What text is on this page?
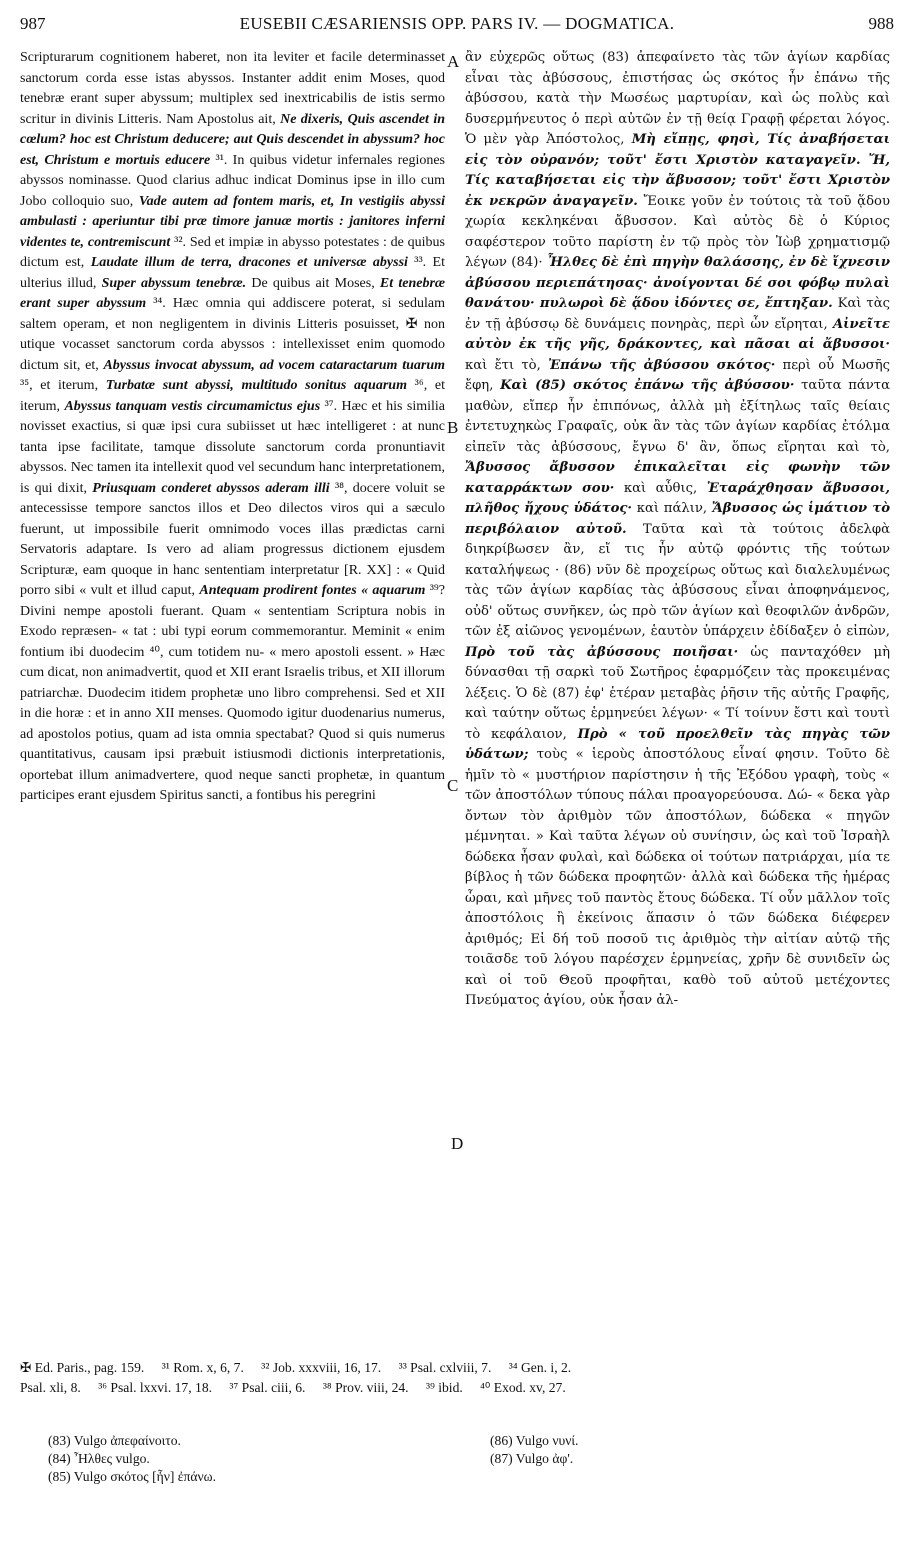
987	EUSEBII CÆSARIENSIS OPP. PARS IV. — DOGMATICA.	988

Scripturarum cognitionem haberet, non ita leviter et facile determinasset sanctorum corda esse istas abyssos. Instanter addit enim Moses, quod tenebræ erant super abyssum; multiplex sed inextricabilis de istis sermo scritur in divinis Litteris. Nam Apostolus ait, Ne dixeris, Quis ascendet in cœlum? hoc est Christum deducere; aut Quis descendet in abyssum? hoc est, Christum e mortuis educere ³¹. In quibus videtur infernales regiones abyssos nominasse. Quod clarius adhuc indicat Dominus ipse in illo cum Jobo colloquio suo, Vade autem ad fontem maris, et, In vestigiis abyssi ambulasti : aperiuntur tibi præ timore januæ mortis : janitores inferni videntes te, contremiscunt ³². Sed et impiæ in abysso potestates : de quibus dictum est, Laudate illum de terra, dracones et universæ abyssi ³³. Et ulterius illud, Super abyssum tenebræ. De quibus ait Moses, Et tenebræ erant super abyssum ³⁴. Hæc omnia qui addiscere poterat, si sedulam saltem operam, et non negligentem in divinis Litteris posuisset, ✠ non utique vocasset sanctorum corda abyssos : intellexisset enim quomodo dictum sit, et, Abyssus invocat abyssum, ad vocem cataractarum tuarum ³⁵, et iterum, Turbatæ sunt abyssi, multitudo sonitus aquarum ³⁶, et iterum, Abyssus tanquam vestis circumamictus ejus ³⁷. Hæc et his similia novisset exactius, si quæ ipsi cura subiisset ut hæc intelligeret : at nunc tanta ipse facilitate, tamque dissolute sanctorum corda pronuntiavit abyssos. Nec tamen ita intellexit quod vel secundum hanc interpretationem, is qui dixit, Priusquam conderet abyssos aderam illi ³⁸, docere voluit se antecessisse tempore sanctos illos et Deo dilectos viros qui a sæculo fuerunt, ut impossibile fuerit omnimodo voces illas prædictas carni Servatoris adaptare. Is vero ad aliam progressus dictionem ejusdem Scripturæ, eam quoque in hanc sententiam interpretatur [R. XX] : « Quid porro sibi « vult et illud caput, Antequam prodirent fontes « aquarum ³⁹? Divini nempe apostoli fuerant. Quam « sententiam Scriptura nobis in Exodo repræsen- « tat : ubi typi eorum commemorantur. Meminit « enim fontium ibi duodecim ⁴⁰, cum totidem nu- « mero apostoli essent. » Hæc cum dicat, non animadvertit, quod et XII erant Israelis tribus, et XII illorum patriarchæ. Duodecim itidem prophetæ uno libro comprehensi. Sed et XII in die horæ : et in anno XII menses. Quomodo igitur duodenarius numerus, ad apostolos potius, quam ad ista omnia spectabat? Quod si quis numerus quantitativus, causam ipsi præbuit istiusmodi dictionis interpretationis, oportebat illum animadvertere, quod neque sancti prophetæ, in quantum participes erant ejusdem Spiritus sancti, a fontibus his peregrini

A
B
C
D

ἂν εὐχερῶς οὕτως (83) ἀπεφαίνετο τὰς τῶν ἁγίων καρδίας εἶναι τὰς ἀβύσσους, ἐπιστήσας ὡς σκότος ἦν ἐπάνω τῆς ἀβύσσου, κατὰ τὴν Μωσέως μαρτυρίαν, καὶ ὡς πολὺς καὶ δυσερμήνευτος ὁ περὶ αὐτῶν ἐν τῇ θείᾳ Γραφῇ φέρεται λόγος. Ὁ μὲν γὰρ Ἀπόστολος, Μὴ εἴπῃς, φησὶ, Τίς ἀναβήσεται εἰς τὸν οὐρανόν; τοῦτ' ἔστι Χριστὸν καταγαγεῖν. Ἤ, Τίς καταβήσεται εἰς τὴν ἄβυσσον; τοῦτ' ἔστι Χριστὸν ἐκ νεκρῶν ἀναγαγεῖν. Ἔοικε γοῦν ἐν τούτοις τὰ τοῦ ᾅδου χωρία κεκληκέναι ἄβυσσον. Καὶ αὐτὸς δὲ ὁ Κύριος σαφέστερον τοῦτο παρίστη ἐν τῷ πρὸς τὸν Ἰὼβ χρηματισμῷ λέγων (84)· Ἦλθες δὲ ἐπὶ πηγὴν θαλάσσης, ἐν δὲ ἴχνεσιν ἀβύσσου περιεπάτησας· ἀνοίγονται δέ σοι φόβῳ πυλαὶ θανάτου· πυλωροὶ δὲ ᾅδου ἰδόντες σε, ἔπτηξαν. Καὶ τὰς ἐν τῇ ἀβύσσῳ δὲ δυνάμεις πονηρὰς, περὶ ὧν εἴρηται, Αἰνεῖτε αὐτὸν ἐκ τῆς γῆς, δράκοντες, καὶ πᾶσαι αἱ ἄβυσσοι· καὶ ἔτι τὸ, Ἐπάνω τῆς ἀβύσσου σκότος· περὶ οὗ Μωσῆς ἔφη, Καὶ (85) σκότος ἐπάνω τῆς ἀβύσσου· ταῦτα πάντα μαθὼν, εἴπερ ἦν ἐπιπόνως, ἀλλὰ μὴ ἐξίτηλως ταῖς θείαις ἐντετυχηκὼς Γραφαῖς, οὐκ ἂν τὰς τῶν ἁγίων καρδίας ἐτόλμα εἰπεῖν τὰς ἀβύσσους, ἔγνω δ' ἂν, ὅπως εἴρηται καὶ τὸ, Ἄβυσσος ἄβυσσον ἐπικαλεῖται εἰς φωνὴν τῶν καταρράκτων σου· καὶ αὖθις, Ἐταράχθησαν ἄβυσσοι, πλῆθος ἤχους ὑδάτος· καὶ πάλιν, Ἄβυσσος ὡς ἱμάτιον τὸ περιβόλαιον αὐτοῦ. Ταῦτα καὶ τὰ τούτοις ἀδελφὰ διηκρίβωσεν ἂν, εἴ τις ἦν αὐτῷ φρόντις τῆς τούτων καταλήψεως · (86) νῦν δὲ προχείρως οὕτως καὶ διαλελυμένως τὰς τῶν ἁγίων καρδίας τὰς ἀβύσσους εἶναι ἀποφηνάμενος, οὐδ' οὕτως συνῆκεν, ὡς πρὸ τῶν ἁγίων καὶ θεοφιλῶν ἀνδρῶν, τῶν ἐξ αἰῶνος γενομένων, ἑαυτὸν ὑπάρχειν ἐδίδαξεν ὁ εἰπὼν, Πρὸ τοῦ τὰς ἀβύσσους ποιῆσαι· ὡς πανταχόθεν μὴ δύνασθαι τῇ σαρκὶ τοῦ Σωτῆρος ἐφαρμόζειν τὰς προκειμένας λέξεις. Ὁ δὲ (87) ἐφ' ἑτέραν μεταβὰς ῥῆσιν τῆς αὐτῆς Γραφῆς, καὶ ταύτην οὕτως ἑρμηνεύει λέγων· « Τί τοίνυν ἔστι καὶ τουτὶ τὸ κεφάλαιον, Πρὸ « τοῦ προελθεῖν τὰς πηγὰς τῶν ὑδάτων; τοὺς « ἱεροὺς ἀποστόλους εἶναί φησιν. Τοῦτο δὲ ἡμῖν τὸ « μυστήριον παρίστησιν ἡ τῆς Ἐξόδου γραφὴ, τοὺς « τῶν ἀποστόλων τύπους πάλαι προαγορεύουσα. Δώ- « δεκα γὰρ ὄντων τὸν ἀριθμὸν τῶν ἀποστόλων, δώδεκα « πηγῶν μέμνηται. » Καὶ ταῦτα λέγων οὐ συνίησιν, ὡς καὶ τοῦ Ἰσραὴλ δώδεκα ἦσαν φυλαὶ, καὶ δώδεκα οἱ τούτων πατριάρχαι, μία τε βίβλος ἡ τῶν δώδεκα προφητῶν· ἀλλὰ καὶ δώδεκα τῆς ἡμέρας ὧραι, καὶ μῆνες τοῦ παντὸς ἔτους δώδεκα. Τί οὖν μᾶλλον τοῖς ἀποστόλοις ἢ ἐκείνοις ἅπασιν ὁ τῶν δώδεκα διέφερεν ἀριθμός; Εἰ δή τοῦ ποσοῦ τις ἀριθμὸς τὴν αἰτίαν αὐτῷ τῆς τοιᾶσδε τοῦ λόγου παρέσχεν ἑρμηνείας, χρῆν δὲ συνιδεῖν ὡς καὶ οἱ τοῦ Θεοῦ προφῆται, καθὸ τοῦ αὐτοῦ μετέχοντες Πνεύματος ἁγίου, οὐκ ἦσαν ἀλ-

✠ Ed. Paris., pag. 159. ³¹ Rom. x, 6, 7. ³² Job. xxxviii, 16, 17. ³³ Psal. cxlviii, 7. ³⁴ Gen. i, 2.
Psal. xli, 8. ³⁶ Psal. lxxvi. 17, 18. ³⁷ Psal. ciii, 6. ³⁸ Prov. viii, 24. ³⁹ ibid. ⁴⁰ Exod. xv, 27.
(83) Vulgo ἀπεφαίνοιτο.
(84) Ἦλθες vulgo.
(85) Vulgo σκότος [ἦν] ἐπάνω.
(86) Vulgo νυνί.
(87) Vulgo ἀφ'.
